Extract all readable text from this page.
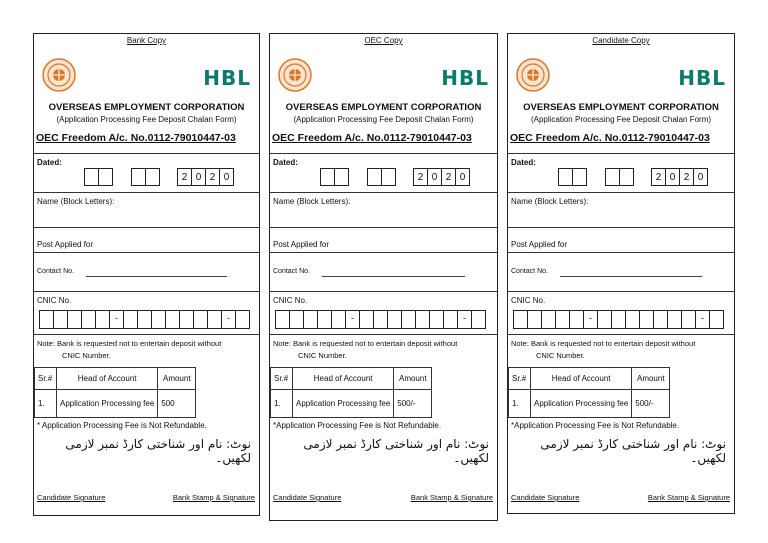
Bank Copy
HBL
OVERSEAS EMPLOYMENT CORPORATION
(Application Processing Fee Deposit Chalan Form)
OEC Freedom A/c. No.0112-79010447-03
Dated:
2 0 2 0
Name (Block Letters):
Post Applied for
Contact No.
CNIC No.
-	-
Note: Bank is requested not to entertain deposit without
CNIC Number.
Sr.#	Head of Account	Amount
1.	Application Processing fee	500
* Application Processing Fee is Not Refundable.
نوٹ: نام اور شناختی کارڈ نمبر لازمی لکھیں۔
Candidate Signature	Bank Stamp & Signature
OEC Copy
HBL
OVERSEAS EMPLOYMENT CORPORATION
(Application Processing Fee Deposit Chalan Form)
OEC Freedom A/c. No.0112-79010447-03
Dated:
2 0 2 0
Name (Block Letters):
Post Applied for
Contact No.
CNIC No.
-	-
Note: Bank is requested not to entertain deposit without
CNIC Number.
Sr.#	Head of Account	Amount
1.	Application Processing fee	500/-
*Application Processing Fee is Not Refundable.
نوٹ: نام اور شناختی کارڈ نمبر لازمی لکھیں۔
Candidate Signature	Bank Stamp & Signature
Candidate Copy
HBL
OVERSEAS EMPLOYMENT CORPORATION
(Application Processing Fee Deposit Chalan Form)
OEC Freedom A/c. No.0112-79010447-03
Dated:
2 0 2 0
Name (Block Letters):
Post Applied for
Contact No.
CNIC No.
-	-
Note: Bank is requested not to entertain deposit without
CNIC Number.
Sr.#	Head of Account	Amount
1.	Application Processing fee	500/-
*Application Processing Fee is Not Refundable.
نوٹ: نام اور شناختی کارڈ نمبر لازمی لکھیں۔
Candidate Signature	Bank Stamp & Signature
